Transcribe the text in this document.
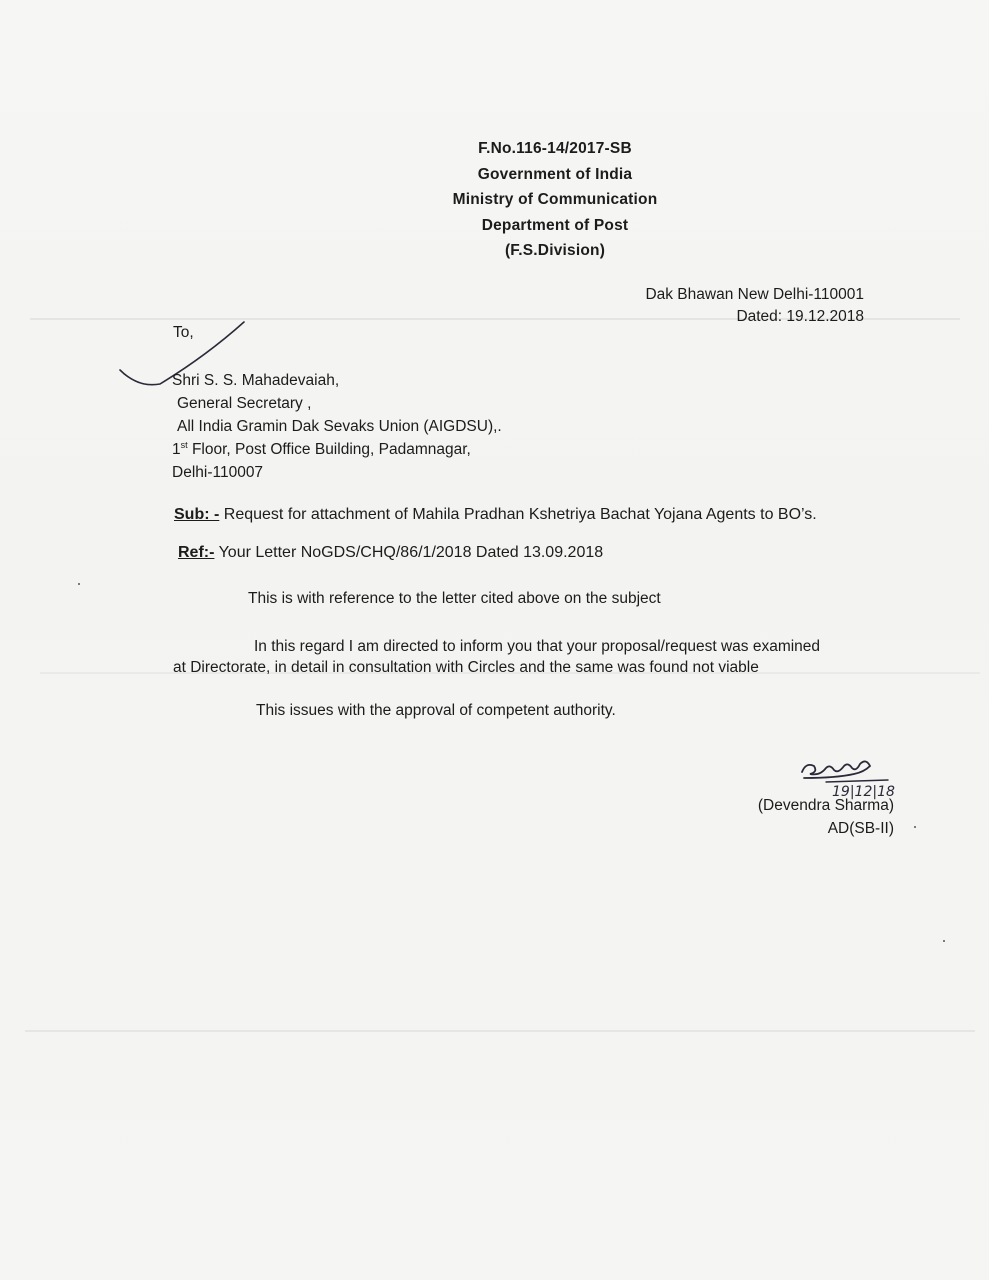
F.No.116-14/2017-SB
Government of India
Ministry of Communication
Department of Post
(F.S.Division)
Dak Bhawan New Delhi-110001
Dated: 19.12.2018
To,
Shri S. S. Mahadevaiah,
General Secretary ,
All India Gramin Dak Sevaks Union (AIGDSU),.
1st Floor, Post Office Building, Padamnagar,
Delhi-110007
Sub: - Request for attachment of Mahila Pradhan Kshetriya Bachat Yojana Agents to BO’s.
Ref:- Your Letter NoGDS/CHQ/86/1/2018 Dated 13.09.2018
This is with reference to the letter cited above on the subject
In this regard I am directed to inform you that your proposal/request was examined
at Directorate, in detail in consultation with Circles and the same was found not viable
This issues with the approval of competent authority.
19|12|18
(Devendra Sharma)
AD(SB-II)
